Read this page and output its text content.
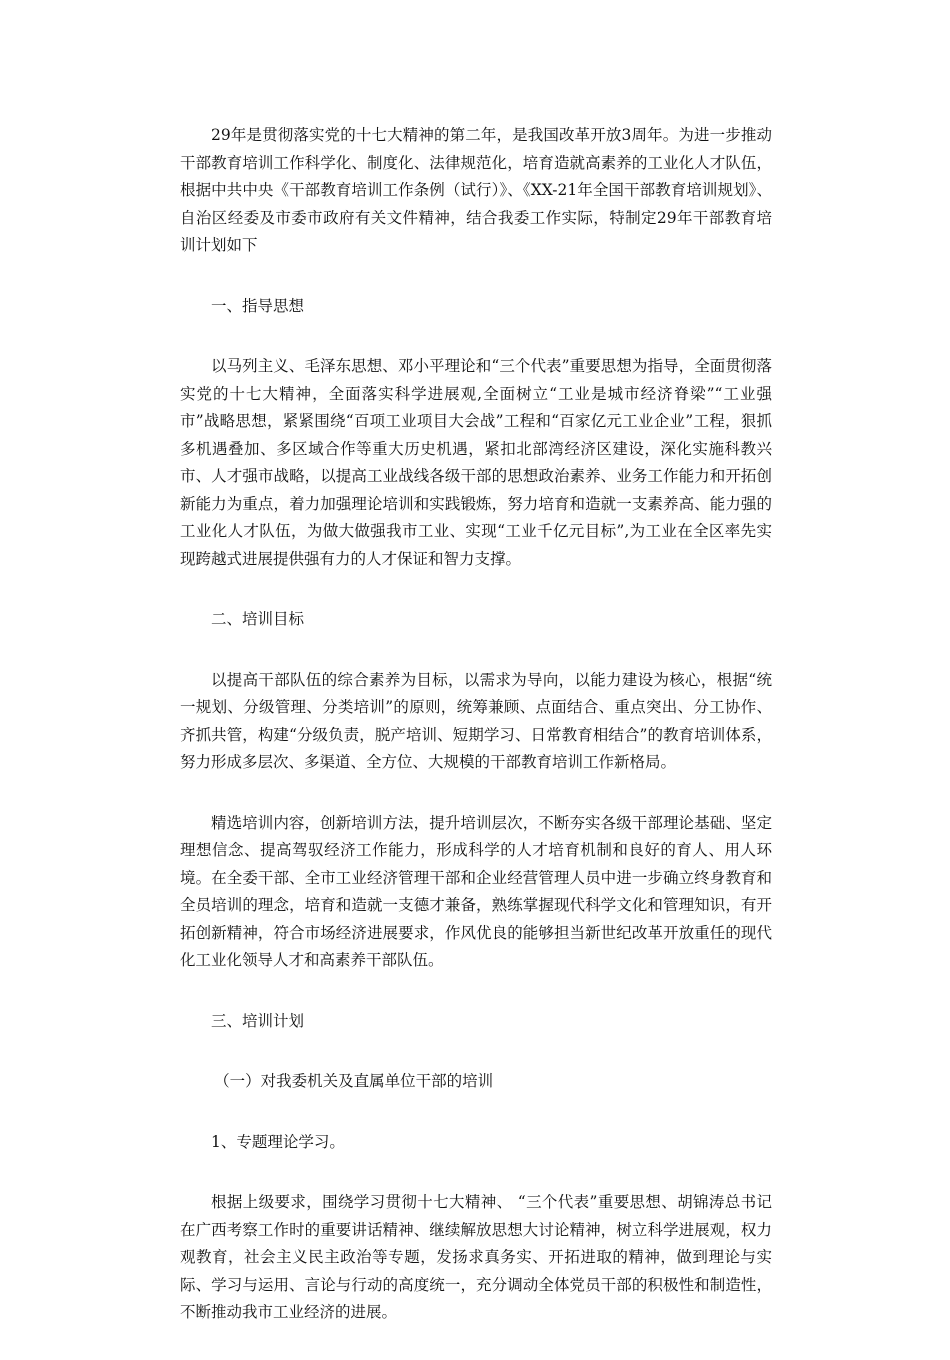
29年是贯彻落实党的十七大精神的第二年，是我国改革开放3周年。为进一步推动干部教育培训工作科学化、制度化、法律规范化，培育造就高素养的工业化人才队伍，根据中共中央《干部教育培训工作条例（试行）》、《XX-21年全国干部教育培训规划》、自治区经委及市委市政府有关文件精神，结合我委工作实际，特制定29年干部教育培训计划如下

一、指导思想

以马列主义、毛泽东思想、邓小平理论和“三个代表”重要思想为指导，全面贯彻落实党的十七大精神，全面落实科学进展观,全面树立“工业是城市经济脊梁”“工业强市”战略思想，紧紧围绕“百项工业项目大会战”工程和“百家亿元工业企业”工程，狠抓多机遇叠加、多区域合作等重大历史机遇，紧扣北部湾经济区建设，深化实施科教兴市、人才强市战略，以提高工业战线各级干部的思想政治素养、业务工作能力和开拓创新能力为重点，着力加强理论培训和实践锻炼，努力培育和造就一支素养高、能力强的工业化人才队伍，为做大做强我市工业、实现“工业千亿元目标”,为工业在全区率先实现跨越式进展提供强有力的人才保证和智力支撑。

二、培训目标

以提高干部队伍的综合素养为目标，以需求为导向，以能力建设为核心，根据“统一规划、分级管理、分类培训”的原则，统筹兼顾、点面结合、重点突出、分工协作、齐抓共管，构建“分级负责，脱产培训、短期学习、日常教育相结合”的教育培训体系，努力形成多层次、多渠道、全方位、大规模的干部教育培训工作新格局。

精选培训内容，创新培训方法，提升培训层次，不断夯实各级干部理论基础、坚定理想信念、提高驾驭经济工作能力，形成科学的人才培育机制和良好的育人、用人环境。在全委干部、全市工业经济管理干部和企业经营管理人员中进一步确立终身教育和全员培训的理念，培育和造就一支德才兼备，熟练掌握现代科学文化和管理知识，有开拓创新精神，符合市场经济进展要求，作风优良的能够担当新世纪改革开放重任的现代化工业化领导人才和高素养干部队伍。

三、培训计划

（一）对我委机关及直属单位干部的培训

1、专题理论学习。

根据上级要求，围绕学习贯彻十七大精神、 “三个代表”重要思想、胡锦涛总书记在广西考察工作时的重要讲话精神、继续解放思想大讨论精神，树立科学进展观，权力观教育，社会主义民主政治等专题，发扬求真务实、开拓进取的精神，做到理论与实际、学习与运用、言论与行动的高度统一，充分调动全体党员干部的积极性和制造性，不断推动我市工业经济的进展。
